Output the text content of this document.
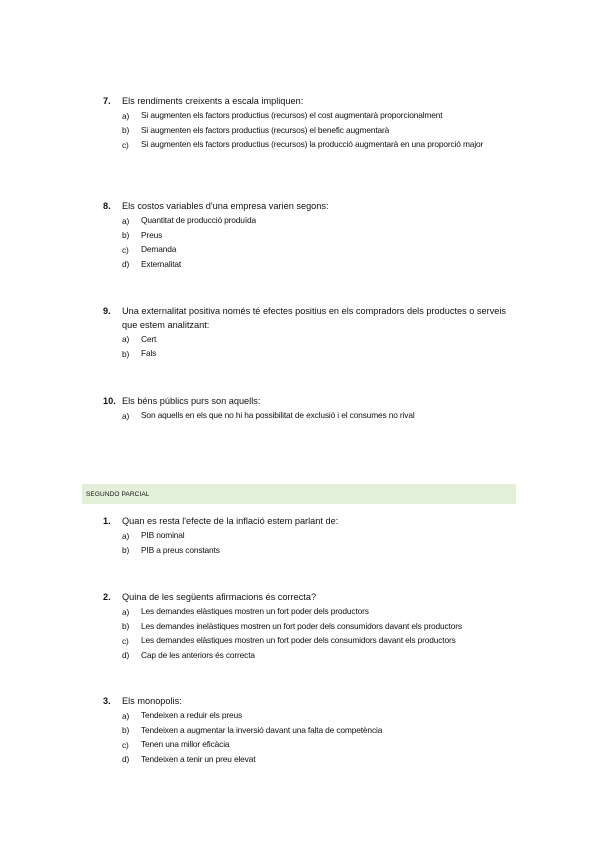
7.	Els rendiments creixents a escala impliquen:
a)	Si augmenten els factors productius (recursos) el cost augmentarà proporcionalment
b)	Si augmenten els factors productius (recursos) el benefic augmentarà
c)	Si augmenten els factors productius (recursos) la producció augmentarà en una proporció major
8.	Els costos variables d'una empresa varien segons:
a)	Quantitat de producció produïda
b)	Preus
c)	Demanda
d)	Externalitat
9.	Una externalitat positiva només té efectes positius en els compradors dels productes o serveis que estem analitzant:
a)	Cert
b)	Fals
10. Els béns públics purs son aquells:
a)	Son aquells en els que no hi ha possibilitat de exclusió i el consumes no rival
SEGUNDO PARCIAL
1.	Quan es resta l'efecte de la inflació estem parlant de:
a)	PIB nominal
b)	PIB a preus constants
2.	Quina de les següents afirmacions és correcta?
a)	Les demandes elàstiques mostren un fort poder dels productors
b)	Les demandes inelàstiques mostren un fort poder dels consumidors davant els productors
c)	Les demandes elàstiques mostren un fort poder dels consumidors davant els productors
d)	Cap de les anteriors és correcta
3.	Els monopolis:
a)	Tendeixen a reduir els preus
b)	Tendeixen a augmentar la inversió davant una falta de competència
c)	Tenen una millor eficàcia
d)	Tendeixen a tenir un preu elevat
